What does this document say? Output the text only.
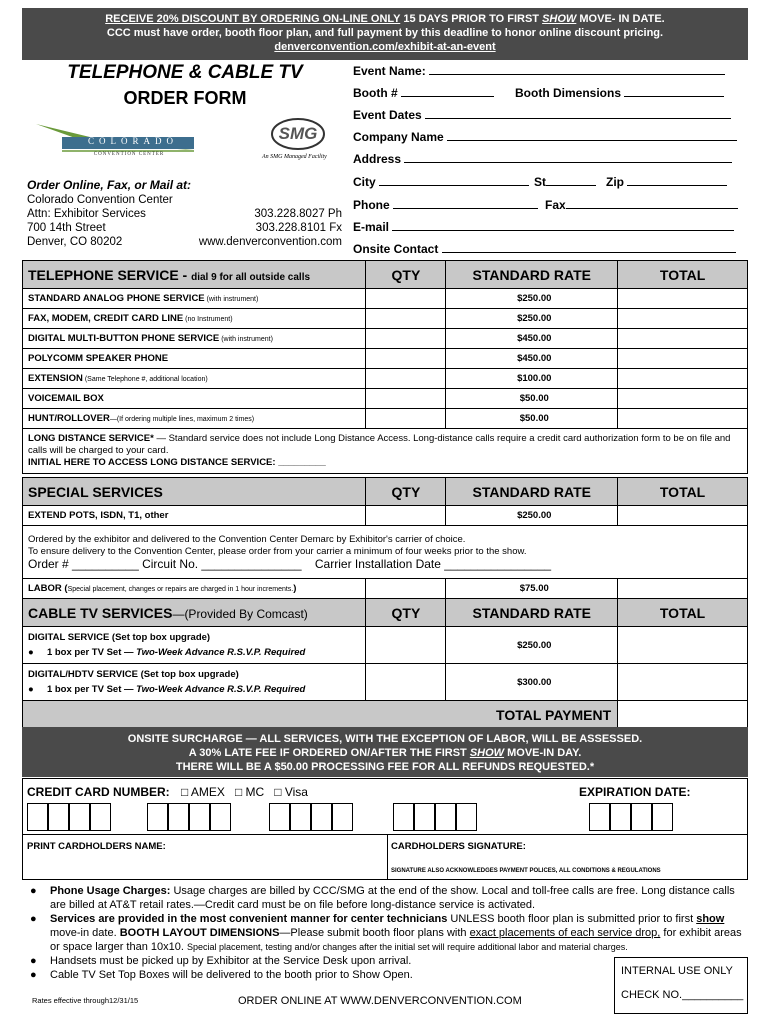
RECEIVE 20% DISCOUNT BY ORDERING ON-LINE ONLY 15 DAYS PRIOR TO FIRST SHOW MOVE- IN DATE.
CCC must have order, booth floor plan, and full payment by this deadline to honor online discount pricing.
denverconvention.com/exhibit-at-an-event
TELEPHONE & CABLE TV
ORDER FORM
COLORADO
CONVENTION CENTER
SMG
An SMG Managed Facility
Event Name:
Booth #	Booth Dimensions
Event Dates
Company Name
Address
City	St	Zip
Phone	Fax
E-mail
Onsite Contact
Order Online, Fax, or Mail at:
Colorado Convention Center
Attn: Exhibitor Services
700 14th Street
Denver, CO 80202
303.228.8027 Ph
303.228.8101 Fx
www.denverconvention.com
TELEPHONE SERVICE - dial 9 for all outside calls	QTY	STANDARD RATE	TOTAL
STANDARD ANALOG PHONE SERVICE (with instrument)		$250.00	
FAX, MODEM, CREDIT CARD LINE (no Instrument)		$250.00	
DIGITAL MULTI-BUTTON PHONE SERVICE (with instrument)		$450.00	
POLYCOMM SPEAKER PHONE		$450.00	
EXTENSION (Same Telephone #, additional location)		$100.00	
VOICEMAIL BOX		$50.00	
HUNT/ROLLOVER—(If ordering multiple lines, maximum 2 times)		$50.00	
LONG DISTANCE SERVICE* — Standard service does not include Long Distance Access. Long-distance calls require a credit card authorization form to be on file and calls will be charged to your card.
INITIAL HERE TO ACCESS LONG DISTANCE SERVICE: _________			
SPECIAL SERVICES	QTY	STANDARD RATE	TOTAL
EXTEND POTS, ISDN, T1, other		$250.00	

Ordered by the exhibitor and delivered to the Convention Center Demarc by Exhibitor's carrier of choice.
To ensure delivery to the Convention Center, please order from your carrier a minimum of four weeks prior to the show.
Order # __________ Circuit No. _______________ Carrier Installation Date ________________			

LABOR (Special placement, changes or repairs are charged in 1 hour increments.)		$75.00	
CABLE TV SERVICES—(Provided By Comcast)	QTY	STANDARD RATE	TOTAL

DIGITAL SERVICE (Set top box upgrade)
●     1 box per TV Set — Two-Week Advance R.S.V.P. Required		$250.00	

DIGITAL/HDTV SERVICE (Set top box upgrade)
●     1 box per TV Set — Two-Week Advance R.S.V.P. Required		$300.00	
TOTAL PAYMENT			
ONSITE SURCHARGE — ALL SERVICES, WITH THE EXCEPTION OF LABOR, WILL BE ASSESSED.
A 30% LATE FEE IF ORDERED ON/AFTER THE FIRST SHOW MOVE-IN DAY.
THERE WILL BE A $50.00 PROCESSING FEE FOR ALL REFUNDS REQUESTED.*
CREDIT CARD NUMBER: □ AMEX □ MC □ Visa	EXPIRATION DATE:
PRINT CARDHOLDERS NAME:	CARDHOLDERS SIGNATURE:
SIGNATURE ALSO ACKNOWLEDGES PAYMENT POLICES, ALL CONDITIONS & REGULATIONS
●	Phone Usage Charges: Usage charges are billed by CCC/SMG at the end of the show. Local and toll-free calls are free. Long distance calls are billed at AT&T retail rates.—Credit card must be on file before long-distance service is activated.
●	Services are provided in the most convenient manner for center technicians UNLESS booth floor plan is submitted prior to first show move-in date. BOOTH LAYOUT DIMENSIONS—Please submit booth floor plans with exact placements of each service drop, for exhibit areas or space larger than 10x10. Special placement, testing and/or changes after the initial set will require additional labor and material charges.
●	Handsets must be picked up by Exhibitor at the Service Desk upon arrival.
●	Cable TV Set Top Boxes will be delivered to the booth prior to Show Open.
Rates effective through12/31/15	ORDER ONLINE AT WWW.DENVERCONVENTION.COM
INTERNAL USE ONLY
CHECK NO.__________
